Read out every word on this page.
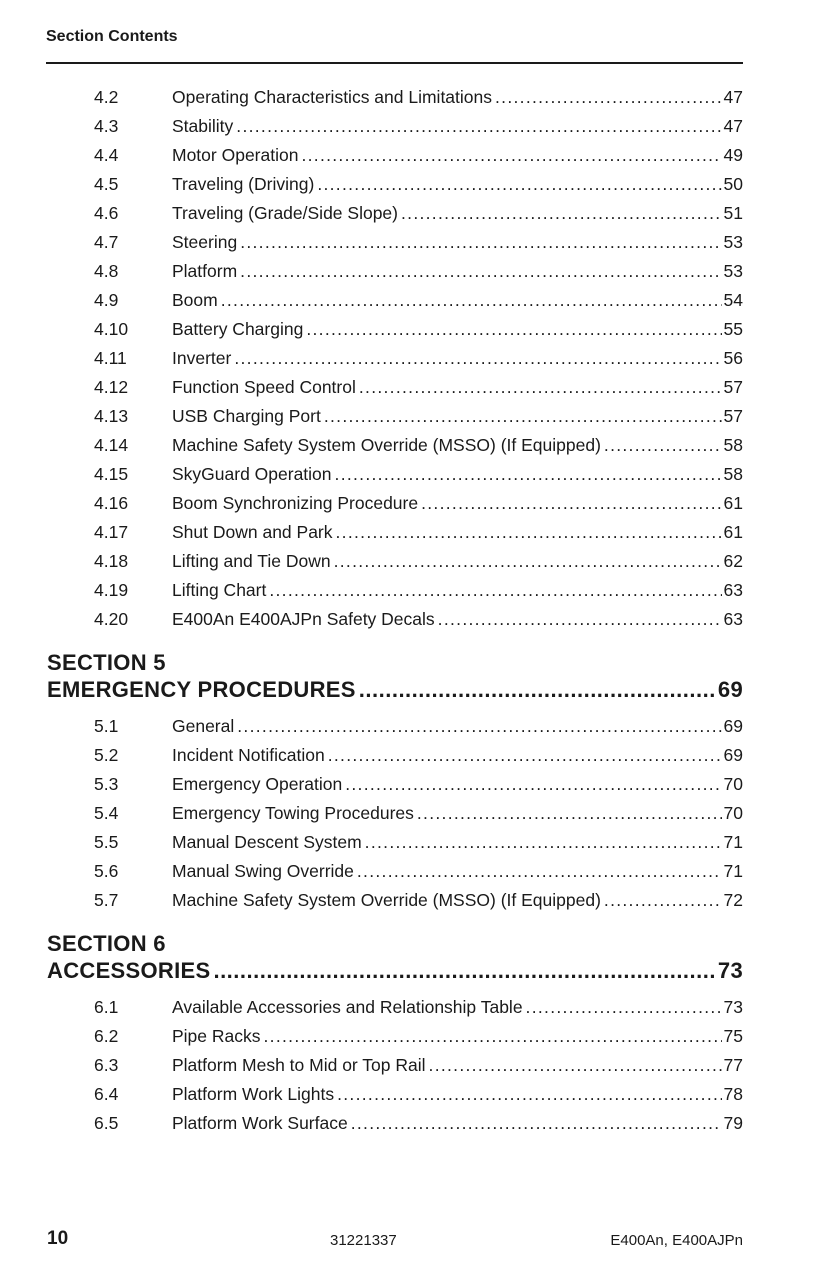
Section Contents
4.2	Operating Characteristics and Limitations .....	47
4.3	Stability .....	47
4.4	Motor Operation .....	49
4.5	Traveling (Driving) .....	50
4.6	Traveling (Grade/Side Slope) .....	51
4.7	Steering .....	53
4.8	Platform .....	53
4.9	Boom .....	54
4.10	Battery Charging .....	55
4.11	Inverter .....	56
4.12	Function Speed Control .....	57
4.13	USB Charging Port .....	57
4.14	Machine Safety System Override (MSSO) (If Equipped) .....	58
4.15	SkyGuard Operation .....	58
4.16	Boom Synchronizing Procedure .....	61
4.17	Shut Down and Park .....	61
4.18	Lifting and Tie Down .....	62
4.19	Lifting Chart .....	63
4.20	E400An E400AJPn Safety Decals .....	63
SECTION 5
EMERGENCY PROCEDURES .....	69
5.1	General .....	69
5.2	Incident Notification .....	69
5.3	Emergency Operation .....	70
5.4	Emergency Towing Procedures .....	70
5.5	Manual Descent System .....	71
5.6	Manual Swing Override .....	71
5.7	Machine Safety System Override (MSSO) (If Equipped) .....	72
SECTION 6
ACCESSORIES .....	73
6.1	Available Accessories and Relationship Table .....	73
6.2	Pipe Racks .....	75
6.3	Platform Mesh to Mid or Top Rail .....	77
6.4	Platform Work Lights .....	78
6.5	Platform Work Surface .....	79
10	31221337	E400An, E400AJPn
